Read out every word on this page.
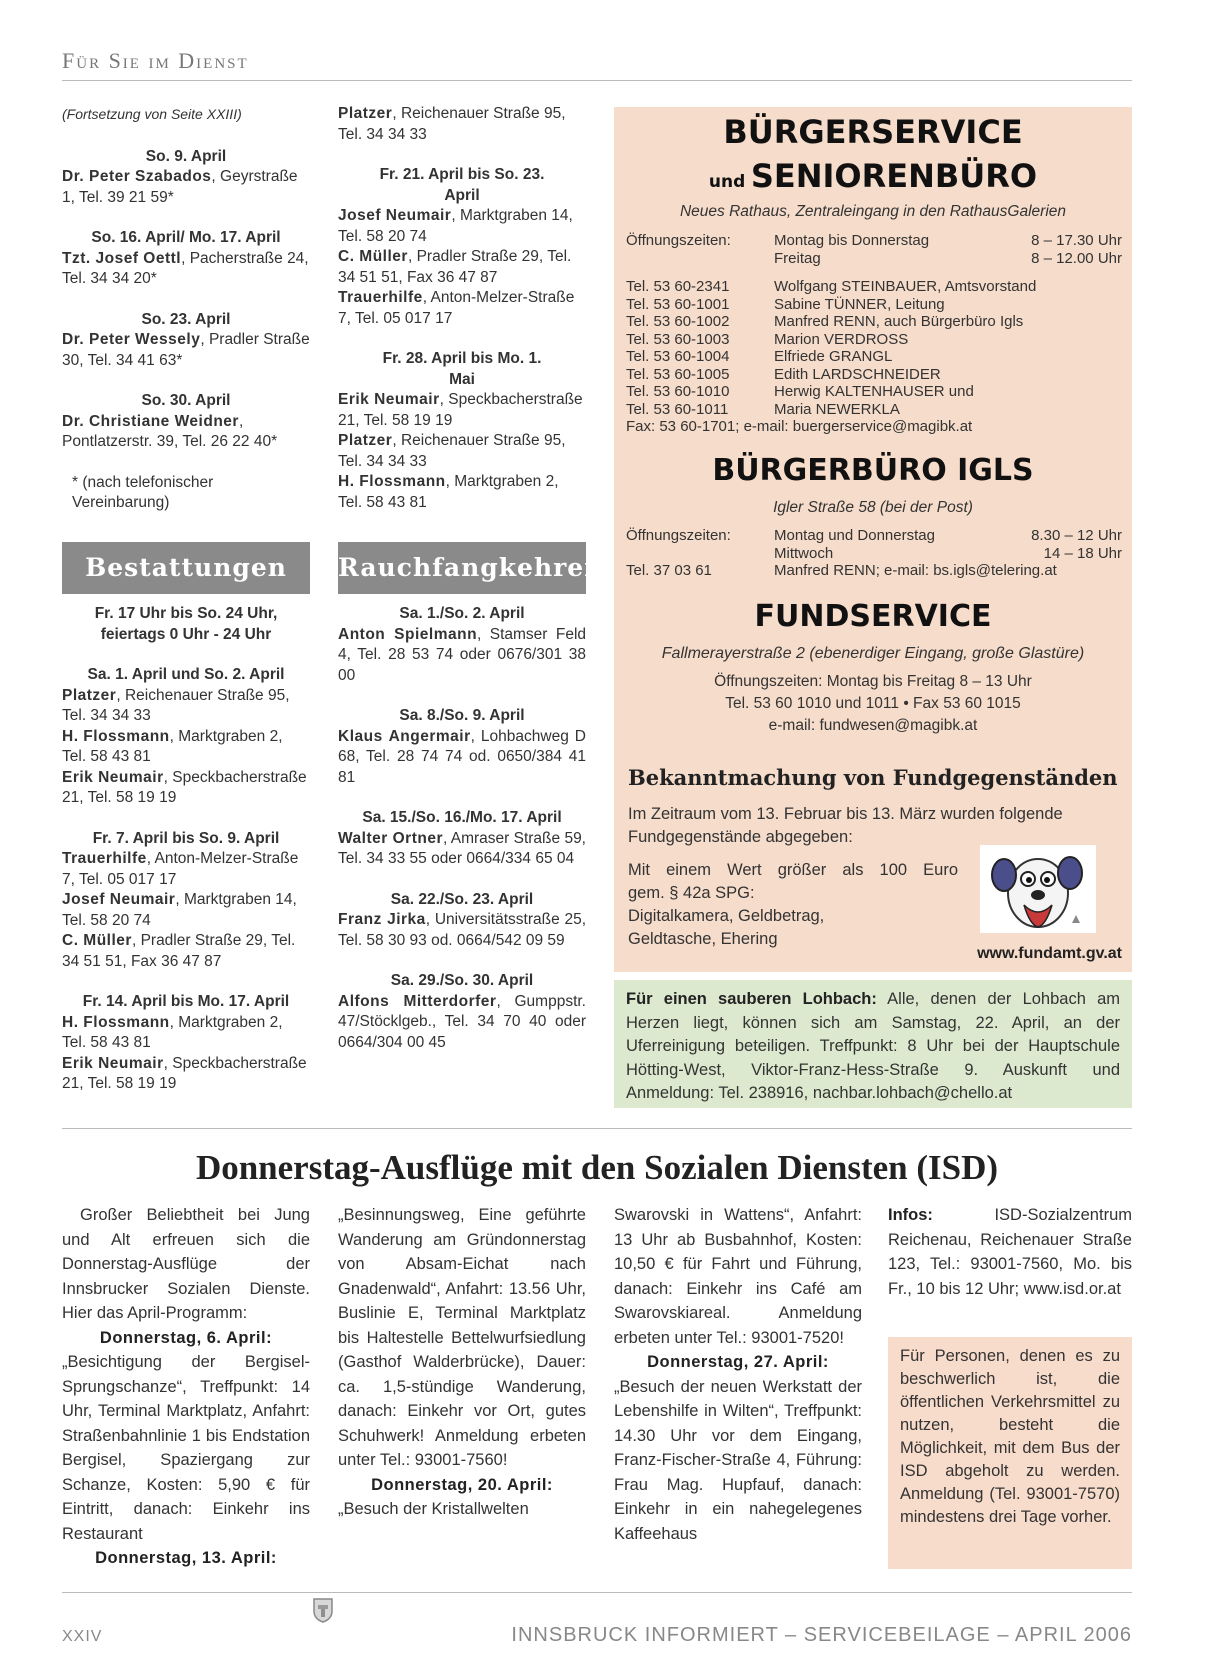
Für Sie im Dienst

(Fortsetzung von Seite XXIII)

So. 9. April

Dr. Peter Szabados, Geyrstraße 1, Tel. 39 21 59*

So. 16. April/ Mo. 17. April

Tzt. Josef Oettl, Pacherstraße 24, Tel. 34 34 20*

So. 23. April

Dr. Peter Wessely, Pradler Straße 30, Tel. 34 41 63*

So. 30. April

Dr. Christiane Weidner, Pontlatzerstr. 39, Tel. 26 22 40*

* (nach telefonischer Vereinbarung)

Bestattungen

Fr. 17 Uhr bis So. 24 Uhr, feiertags 0 Uhr - 24 Uhr

Sa. 1. April und So. 2. April

Platzer, Reichenauer Straße 95, Tel. 34 34 33

H. Flossmann, Marktgraben 2, Tel. 58 43 81

Erik Neumair, Speckbacherstraße 21, Tel. 58 19 19

Fr. 7. April bis So. 9. April

Trauerhilfe, Anton-Melzer-Straße 7, Tel. 05 017 17

Josef Neumair, Marktgraben 14, Tel. 58 20 74

C. Müller, Pradler Straße 29, Tel. 34 51 51, Fax 36 47 87

Fr. 14. April bis Mo. 17. April

H. Flossmann, Marktgraben 2, Tel. 58 43 81

Erik Neumair, Speckbacherstraße 21, Tel. 58 19 19

Platzer, Reichenauer Straße 95, Tel. 34 34 33

Fr. 21. April bis So. 23. April

Josef Neumair, Marktgraben 14, Tel. 58 20 74

C. Müller, Pradler Straße 29, Tel. 34 51 51, Fax 36 47 87

Trauerhilfe, Anton-Melzer-Straße 7, Tel. 05 017 17

Fr. 28. April bis Mo. 1. Mai

Erik Neumair, Speckbacherstraße 21, Tel. 58 19 19

Platzer, Reichenauer Straße 95, Tel. 34 34 33

H. Flossmann, Marktgraben 2, Tel. 58 43 81

Rauchfangkehrer

Sa. 1./So. 2. April

Anton Spielmann, Stamser Feld 4, Tel. 28 53 74 oder 0676/301 38 00

Sa. 8./So. 9. April

Klaus Angermair, Lohbachweg D 68, Tel. 28 74 74 od. 0650/384 41 81

Sa. 15./So. 16./Mo. 17. April

Walter Ortner, Amraser Straße 59, Tel. 34 33 55 oder 0664/334 65 04

Sa. 22./So. 23. April

Franz Jirka, Universitätsstraße 25, Tel. 58 30 93 od. 0664/542 09 59

Sa. 29./So. 30. April

Alfons Mitterdorfer, Gumppstr. 47/Stöcklgeb., Tel. 34 70 40 oder 0664/304 00 45

BÜRGERSERVICE
und SENIORENBÜRO
Neues Rathaus, Zentraleingang in den RathausGalerien
Öffnungszeiten:	Montag bis Donnerstag	8 – 17.30 Uhr
	Freitag	8 – 12.00 Uhr
Tel. 53 60-2341	Wolfgang STEINBAUER, Amtsvorstand
Tel. 53 60-1001	Sabine TÜNNER, Leitung
Tel. 53 60-1002	Manfred RENN, auch Bürgerbüro Igls
Tel. 53 60-1003	Marion VERDROSS
Tel. 53 60-1004	Elfriede GRANGL
Tel. 53 60-1005	Edith LARDSCHNEIDER
Tel. 53 60-1010	Herwig KALTENHAUSER und
Tel. 53 60-1011	Maria NEWERKLA
Fax: 53 60-1701; e-mail: buergerservice@magibk.at	
BÜRGERBÜRO IGLS
Igler Straße 58 (bei der Post)
Öffnungszeiten:	Montag und Donnerstag	8.30 – 12 Uhr
	Mittwoch	14 – 18 Uhr
Tel. 37 03 61	Manfred RENN; e-mail: bs.igls@telering.at	
FUNDSERVICE
Fallmerayerstraße 2 (ebenerdiger Eingang, große Glastüre)
Öffnungszeiten: Montag bis Freitag 8 – 13 Uhr
Tel. 53 60 1010 und 1011 • Fax 53 60 1015
e-mail: fundwesen@magibk.at
Bekanntmachung von Fundgegenständen
Im Zeitraum vom 13. Februar bis 13. März wurden folgende Fundgegenstände abgegeben:
Mit einem Wert größer als 100 Euro
gem. § 42a SPG:
Digitalkamera, Geldbetrag,
Geldtasche, Ehering
www.fundamt.gv.at
Für einen sauberen Lohbach: Alle, denen der Lohbach am Herzen liegt, können sich am Samstag, 22. April, an der Uferreinigung beteiligen. Treffpunkt: 8 Uhr bei der Hauptschule Hötting-West, Viktor-Franz-Hess-Straße 9. Auskunft und Anmeldung: Tel. 238916, nachbar.lohbach@chello.at
Donnerstag-Ausflüge mit den Sozialen Diensten (ISD)

Großer Beliebtheit bei Jung und Alt erfreuen sich die Donnerstag-Ausflüge der Innsbrucker Sozialen Dienste. Hier das April-Programm:

Donnerstag, 6. April:

„Besichtigung der Bergisel-Sprungschanze“, Treffpunkt: 14 Uhr, Terminal Marktplatz, Anfahrt: Straßenbahnlinie 1 bis Endstation Bergisel, Spaziergang zur Schanze, Kosten: 5,90 € für Eintritt, danach: Einkehr ins Restaurant

Donnerstag, 13. April:

„Besinnungsweg, Eine geführte Wanderung am Gründonnerstag von Absam-Eichat nach Gnadenwald“, Anfahrt: 13.56 Uhr, Buslinie E, Terminal Marktplatz bis Haltestelle Bettelwurfsiedlung (Gasthof Walderbrücke), Dauer: ca. 1,5-stündige Wanderung, danach: Einkehr vor Ort, gutes Schuhwerk! Anmeldung erbeten unter Tel.: 93001-7560!

Donnerstag, 20. April:

„Besuch der Kristallwelten

Swarovski in Wattens“, Anfahrt: 13 Uhr ab Busbahnhof, Kosten: 10,50 € für Fahrt und Führung, danach: Einkehr ins Café am Swarovskiareal. Anmeldung erbeten unter Tel.: 93001-7520!

Donnerstag, 27. April:

„Besuch der neuen Werkstatt der Lebenshilfe in Wilten“, Treffpunkt: 14.30 Uhr vor dem Eingang, Franz-Fischer-Straße 4, Führung: Frau Mag. Hupfauf, danach: Einkehr in ein nahegelegenes Kaffeehaus

Infos: ISD-Sozialzentrum Reichenau, Reichenauer Straße 123, Tel.: 93001-7560, Mo. bis Fr., 10 bis 12 Uhr; www.isd.or.at

Für Personen, denen es zu beschwerlich ist, die öffentlichen Verkehrsmittel zu nutzen, besteht die Möglichkeit, mit dem Bus der ISD abgeholt zu werden. Anmeldung (Tel. 93001-7570) mindestens drei Tage vorher.

XXIV	INNSBRUCK INFORMIERT – SERVICEBEILAGE – APRIL 2006
